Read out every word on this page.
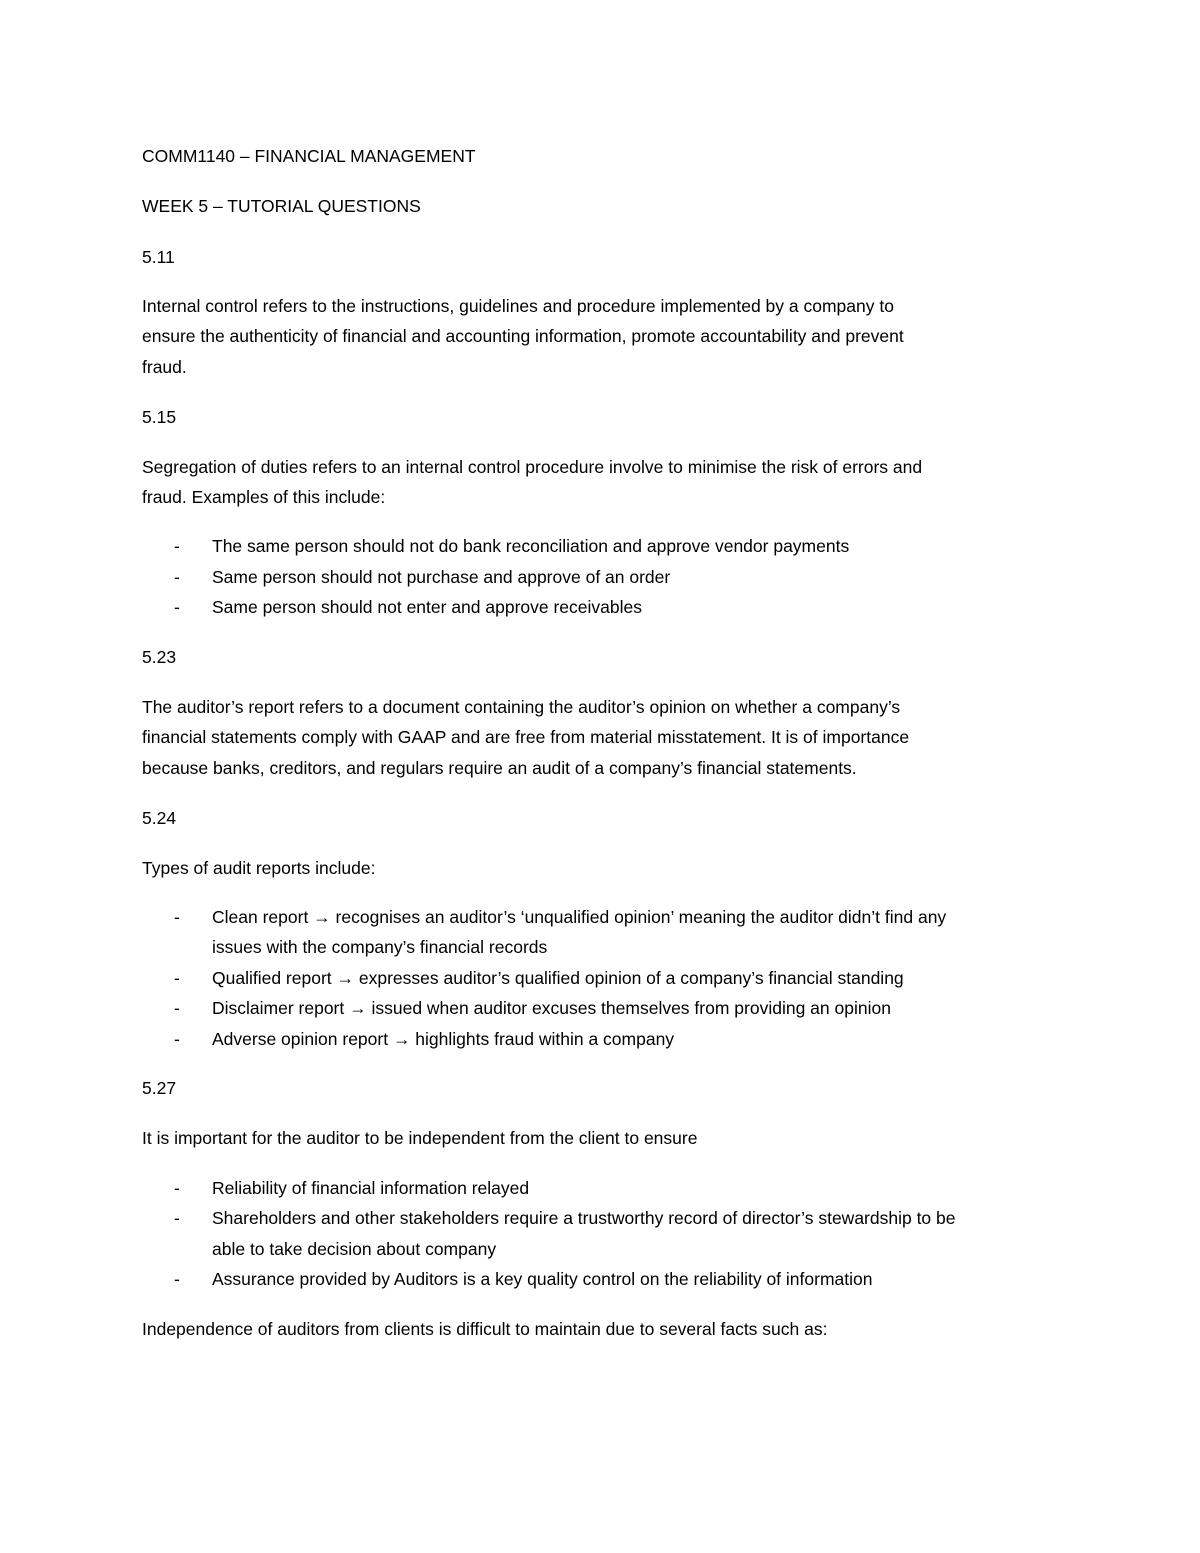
COMM1140 – FINANCIAL MANAGEMENT
WEEK 5 – TUTORIAL QUESTIONS
5.11
Internal control refers to the instructions, guidelines and procedure implemented by a company to
ensure the authenticity of financial and accounting information, promote accountability and prevent
fraud.
5.15
Segregation of duties refers to an internal control procedure involve to minimise the risk of errors and
fraud. Examples of this include:
- The same person should not do bank reconciliation and approve vendor payments
- Same person should not purchase and approve of an order
- Same person should not enter and approve receivables
5.23
The auditor’s report refers to a document containing the auditor’s opinion on whether a company’s
financial statements comply with GAAP and are free from material misstatement. It is of importance
because banks, creditors, and regulars require an audit of a company’s financial statements.
5.24
Types of audit reports include:
- Clean report → recognises an auditor’s ‘unqualified opinion’ meaning the auditor didn’t find any
issues with the company’s financial records
- Qualified report → expresses auditor’s qualified opinion of a company’s financial standing
- Disclaimer report → issued when auditor excuses themselves from providing an opinion
- Adverse opinion report → highlights fraud within a company
5.27
It is important for the auditor to be independent from the client to ensure
- Reliability of financial information relayed
- Shareholders and other stakeholders require a trustworthy record of director’s stewardship to be
able to take decision about company
- Assurance provided by Auditors is a key quality control on the reliability of information
Independence of auditors from clients is difficult to maintain due to several facts such as:
